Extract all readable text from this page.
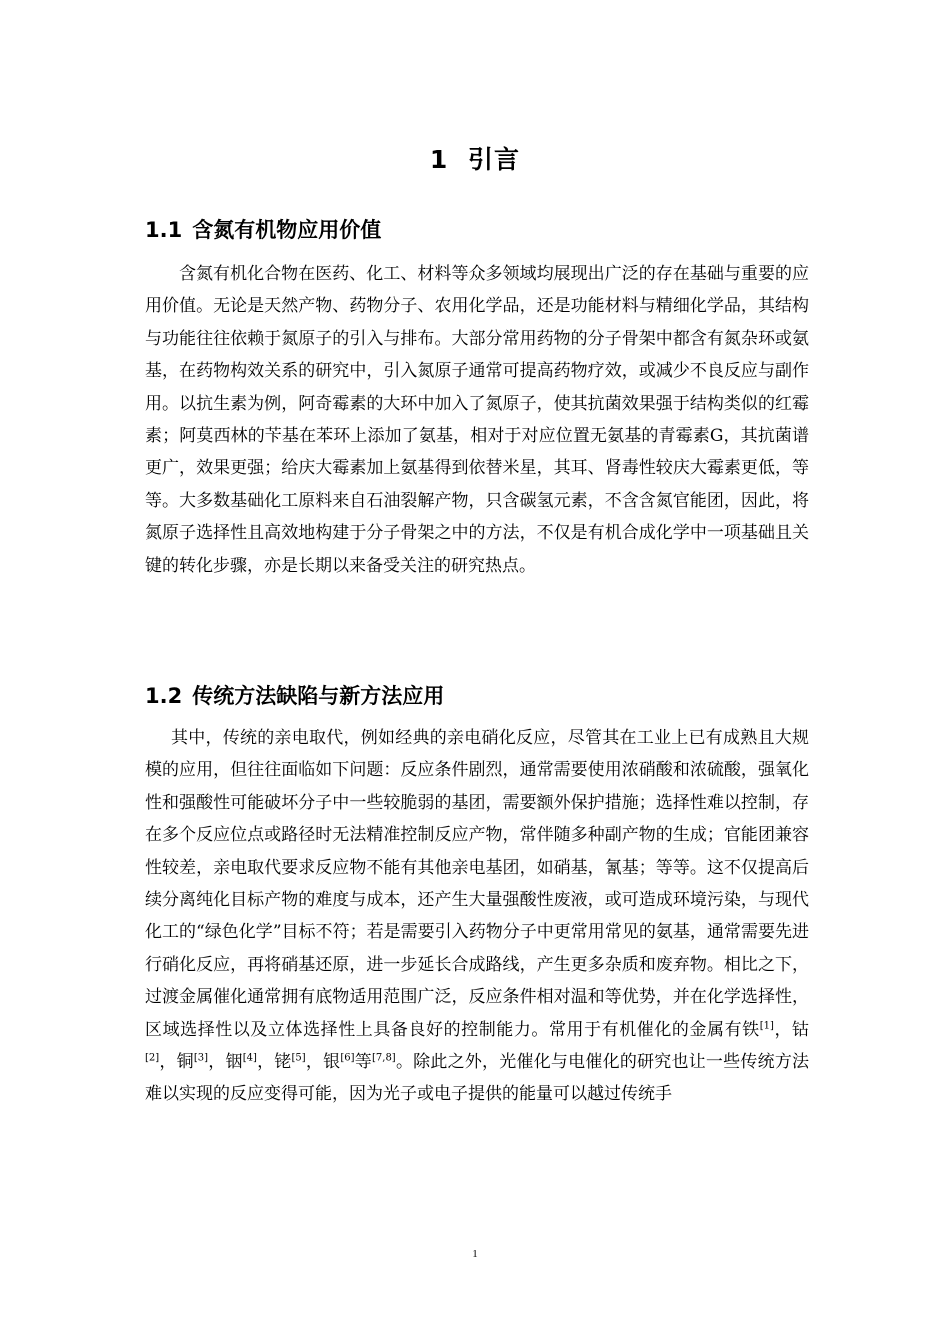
1 引言
1.1 含氮有机物应用价值

含氮有机化合物在医药、化工、材料等众多领域均展现出广泛的存在基础与重要的应用价值。无论是天然产物、药物分子、农用化学品，还是功能材料与精细化学品，其结构与功能往往依赖于氮原子的引入与排布。大部分常用药物的分子骨架中都含有氮杂环或氨基，在药物构效关系的研究中，引入氮原子通常可提高药物疗效，或减少不良反应与副作用。以抗生素为例，阿奇霉素的大环中加入了氮原子，使其抗菌效果强于结构类似的红霉素；阿莫西林的苄基在苯环上添加了氨基，相对于对应位置无氨基的青霉素G，其抗菌谱更广，效果更强；给庆大霉素加上氨基得到依替米星，其耳、肾毒性较庆大霉素更低，等等。大多数基础化工原料来自石油裂解产物，只含碳氢元素，不含含氮官能团，因此，将氮原子选择性且高效地构建于分子骨架之中的方法，不仅是有机合成化学中一项基础且关键的转化步骤，亦是长期以来备受关注的研究热点。

1.2 传统方法缺陷与新方法应用

其中，传统的亲电取代，例如经典的亲电硝化反应，尽管其在工业上已有成熟且大规模的应用，但往往面临如下问题：反应条件剧烈，通常需要使用浓硝酸和浓硫酸，强氧化性和强酸性可能破坏分子中一些较脆弱的基团，需要额外保护措施；选择性难以控制，存在多个反应位点或路径时无法精准控制反应产物，常伴随多种副产物的生成；官能团兼容性较差，亲电取代要求反应物不能有其他亲电基团，如硝基，氰基；等等。这不仅提高后续分离纯化目标产物的难度与成本，还产生大量强酸性废液，或可造成环境污染，与现代化工的“绿色化学”目标不符；若是需要引入药物分子中更常用常见的氨基，通常需要先进行硝化反应，再将硝基还原，进一步延长合成路线，产生更多杂质和废弃物。相比之下，过渡金属催化通常拥有底物适用范围广泛，反应条件相对温和等优势，并在化学选择性，区域选择性以及立体选择性上具备良好的控制能力。常用于有机催化的金属有铁[1]，钴[2]，铜[3]，铟[4]，铑[5]，银[6]等[7,8]。除此之外，光催化与电催化的研究也让一些传统方法难以实现的反应变得可能，因为光子或电子提供的能量可以越过传统手

1
